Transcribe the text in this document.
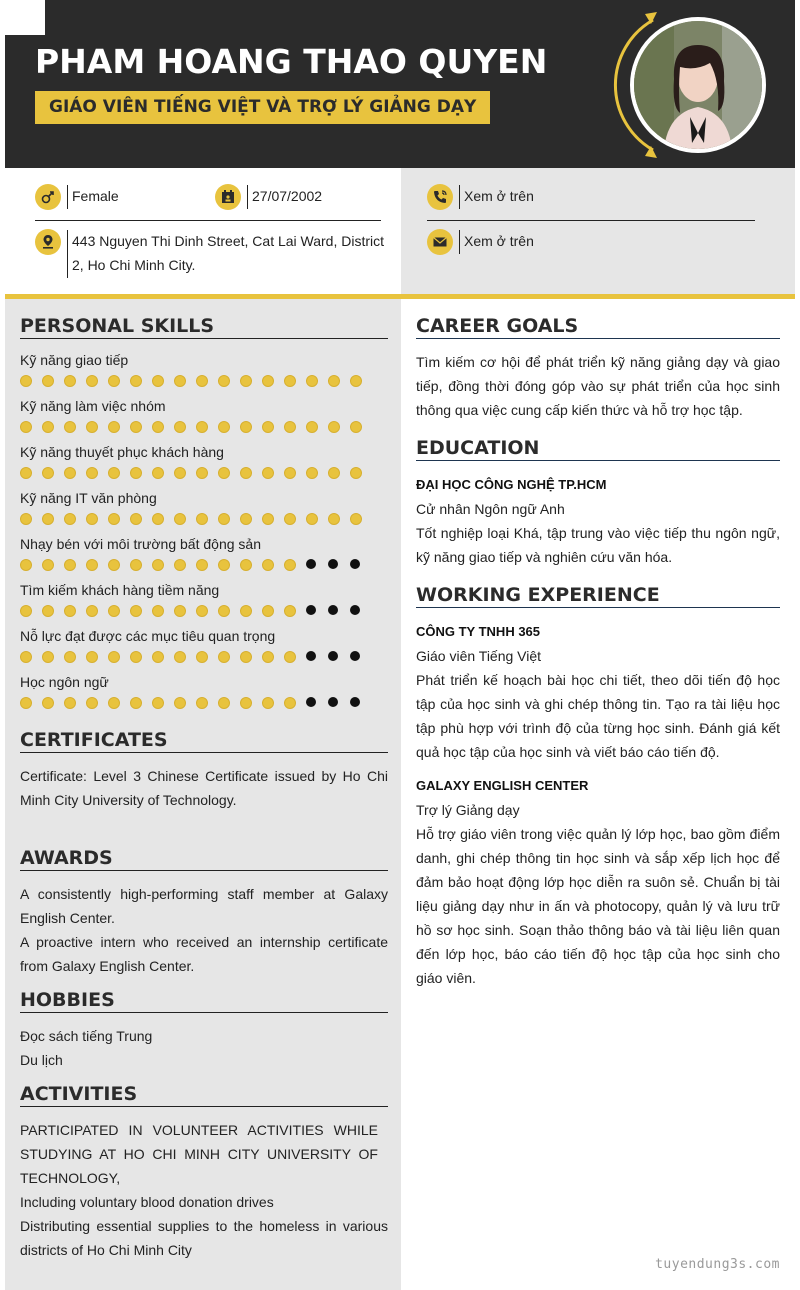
PHAM HOANG THAO QUYEN
GIÁO VIÊN TIẾNG VIỆT VÀ TRỢ LÝ GIẢNG DẠY
Female	27/07/2002
443 Nguyen Thi Dinh Street, Cat Lai Ward, District
2, Ho Chi Minh City.
Xem ở trên
Xem ở trên
PERSONAL SKILLS
Kỹ năng giao tiếp
Kỹ năng làm việc nhóm
Kỹ năng thuyết phục khách hàng
Kỹ năng IT văn phòng
Nhạy bén với môi trường bất động sản
Tìm kiếm khách hàng tiềm năng
Nỗ lực đạt được các mục tiêu quan trọng
Học ngôn ngữ
CERTIFICATES
Certificate: Level 3 Chinese Certificate issued by Ho Chi Minh City University of Technology.
AWARDS
A consistently high-performing staff member at Galaxy English Center.
A proactive intern who received an internship certificate from Galaxy English Center.
HOBBIES
Đọc sách tiếng Trung
Du lịch
ACTIVITIES
PARTICIPATED IN VOLUNTEER ACTIVITIES WHILE STUDYING AT HO CHI MINH CITY UNIVERSITY OF TECHNOLOGY,
Including voluntary blood donation drives
Distributing essential supplies to the homeless in various districts of Ho Chi Minh City
CAREER GOALS
Tìm kiếm cơ hội để phát triển kỹ năng giảng dạy và giao tiếp, đồng thời đóng góp vào sự phát triển của học sinh thông qua việc cung cấp kiến thức và hỗ trợ học tập.
EDUCATION
ĐẠI HỌC CÔNG NGHỆ TP.HCM
Cử nhân Ngôn ngữ Anh
Tốt nghiệp loại Khá, tập trung vào việc tiếp thu ngôn ngữ, kỹ năng giao tiếp và nghiên cứu văn hóa.
WORKING EXPERIENCE
CÔNG TY TNHH 365
Giáo viên Tiếng Việt
Phát triển kế hoạch bài học chi tiết, theo dõi tiến độ học tập của học sinh và ghi chép thông tin. Tạo ra tài liệu học tập phù hợp với trình độ của từng học sinh. Đánh giá kết quả học tập của học sinh và viết báo cáo tiến độ.
GALAXY ENGLISH CENTER
Trợ lý Giảng dạy
Hỗ trợ giáo viên trong việc quản lý lớp học, bao gồm điểm danh, ghi chép thông tin học sinh và sắp xếp lịch học để đảm bảo hoạt động lớp học diễn ra suôn sẻ. Chuẩn bị tài liệu giảng dạy như in ấn và photocopy, quản lý và lưu trữ hồ sơ học sinh. Soạn thảo thông báo và tài liệu liên quan đến lớp học, báo cáo tiến độ học tập của học sinh cho giáo viên.
tuyendung3s.com
